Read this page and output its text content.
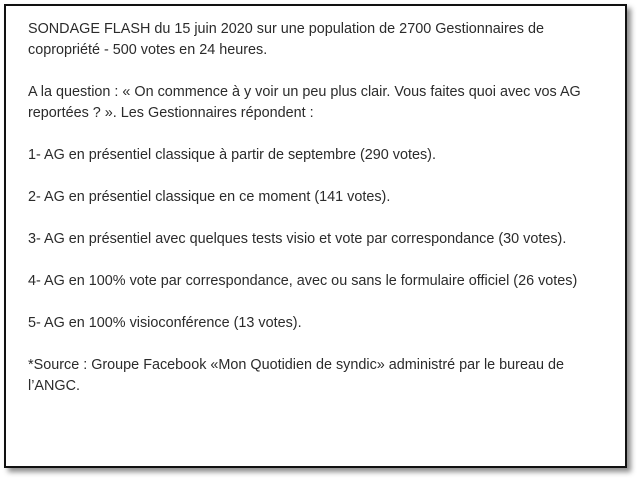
SONDAGE FLASH du 15 juin 2020 sur une population de 2700 Gestionnaires de copropriété - 500 votes en 24 heures.

A la question : « On commence à y voir un peu plus clair. Vous faites quoi avec vos AG reportées ? ». Les Gestionnaires répondent :

1- AG en présentiel classique à partir de septembre (290 votes).

2- AG en présentiel classique en ce moment (141 votes).

3- AG en présentiel avec quelques tests visio et vote par correspondance (30 votes).

4- AG en 100% vote par correspondance, avec ou sans le formulaire officiel (26 votes)

5- AG en 100% visioconférence (13 votes).

*Source : Groupe Facebook «Mon Quotidien de syndic» administré par le bureau de l’ANGC.
